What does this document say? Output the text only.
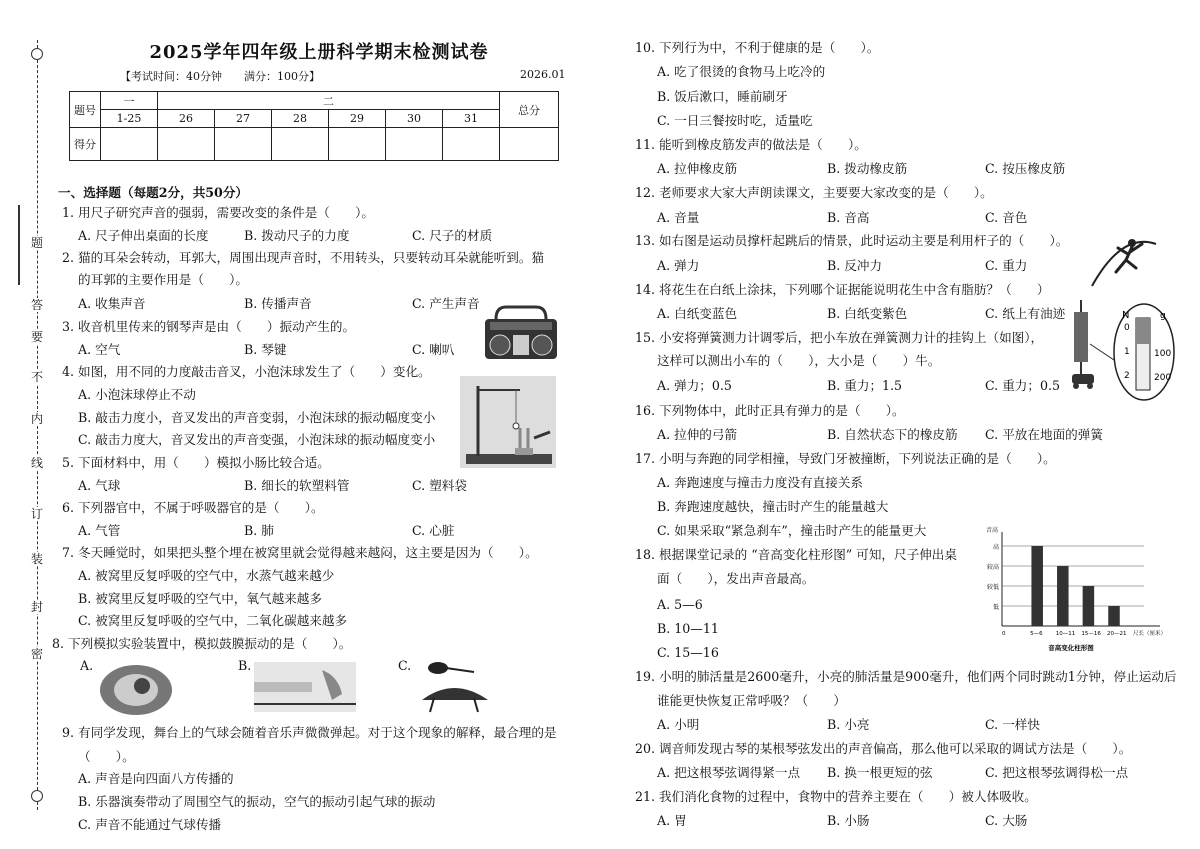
题
答
要
不
内
线
订
装
封
密
2025学年四年级上册科学期末检测试卷
【考试时间：40分钟　　满分：100分】	2026.01
题号	一	二						总分
	1-25	26	27	28	29	30	31	
得分								
一、选择题（每题2分，共50分）
1. 用尺子研究声音的强弱，需要改变的条件是（　　）。
A. 尺子伸出桌面的长度	B. 拨动尺子的力度	C. 尺子的材质
2. 猫的耳朵会转动，耳郭大，周围出现声音时，不用转头，只要转动耳朵就能听到。猫
的耳郭的主要作用是（　　）。
A. 收集声音	B. 传播声音	C. 产生声音
3. 收音机里传来的钢琴声是由（　　）振动产生的。
A. 空气	B. 琴键	C. 喇叭
4. 如图，用不同的力度敲击音叉，小泡沫球发生了（　　）变化。
A. 小泡沫球停止不动
B. 敲击力度小，音叉发出的声音变弱，小泡沫球的振动幅度变小
C. 敲击力度大，音叉发出的声音变强，小泡沫球的振动幅度变小
5. 下面材料中，用（　　）模拟小肠比较合适。
A. 气球	B. 细长的软塑料管	C. 塑料袋
6. 下列器官中，不属于呼吸器官的是（　　）。
A. 气管	B. 肺	C. 心脏
7. 冬天睡觉时，如果把头整个埋在被窝里就会觉得越来越闷，这主要是因为（　　）。
A. 被窝里反复呼吸的空气中，水蒸气越来越少
B. 被窝里反复呼吸的空气中，氧气越来越多
C. 被窝里反复呼吸的空气中，二氧化碳越来越多
8. 下列模拟实验装置中，模拟鼓膜振动的是（　　）。
A.	B.	C.
9. 有同学发现，舞台上的气球会随着音乐声微微弹起。对于这个现象的解释，最合理的是
（　　）。
A. 声音是向四面八方传播的
B. 乐器演奏带动了周围空气的振动，空气的振动引起气球的振动
C. 声音不能通过气球传播
10. 下列行为中，不利于健康的是（　　）。
A. 吃了很烫的食物马上吃冷的
B. 饭后漱口，睡前刷牙
C. 一日三餐按时吃，适量吃
11. 能听到橡皮筋发声的做法是（　　）。
A. 拉伸橡皮筋	B. 拨动橡皮筋	C. 按压橡皮筋
12. 老师要求大家大声朗读课文，主要要大家改变的是（　　）。
A. 音量	B. 音高	C. 音色
13. 如右图是运动员撑杆起跳后的情景，此时运动主要是利用杆子的（　　）。
A. 弹力	B. 反冲力	C. 重力
14. 将花生在白纸上涂抹，下列哪个证据能说明花生中含有脂肪？（　　）
A. 白纸变蓝色	B. 白纸变紫色	C. 纸上有油迹
15. 小安将弹簧测力计调零后，把小车放在弹簧测力计的挂钩上（如图），
这样可以测出小车的（　　），大小是（　　）牛。
A. 弹力；0.5	B. 重力；1.5	C. 重力；0.5
16. 下列物体中，此时正具有弹力的是（　　）。
A. 拉伸的弓箭	B. 自然状态下的橡皮筋 C. 平放在地面的弹簧
17. 小明与奔跑的同学相撞，导致门牙被撞断，下列说法正确的是（　　）。
A. 奔跑速度与撞击力度没有直接关系
B. 奔跑速度越快，撞击时产生的能量越大
C. 如果采取“紧急刹车”，撞击时产生的能量更大
18. 根据课堂记录的 “音高变化柱形图” 可知，尺子伸出桌
面（　　），发出声音最高。
A. 5—6
B. 10—11
C. 15—16
19. 小明的肺活量是2600毫升，小亮的肺活量是900毫升，他们两个同时跳动1分钟，停止运动后
谁能更快恢复正常呼吸？（　　）
A. 小明	B. 小亮	C. 一样快
20. 调音师发现古琴的某根琴弦发出的声音偏高，那么他可以采取的调试方法是（　　）。
A. 把这根琴弦调得紧一点 B. 换一根更短的弦	C. 把这根琴弦调得松一点
21. 我们消化食物的过程中，食物中的营养主要在（　　）被人体吸收。
A. 胃	B. 小肠	C. 大肠
N	g
0
1
2
100
200
高
较高
较低
低
音高
0	5—6 10—11 15—16 20—21 尺长（厘米）
音高变化柱形图
